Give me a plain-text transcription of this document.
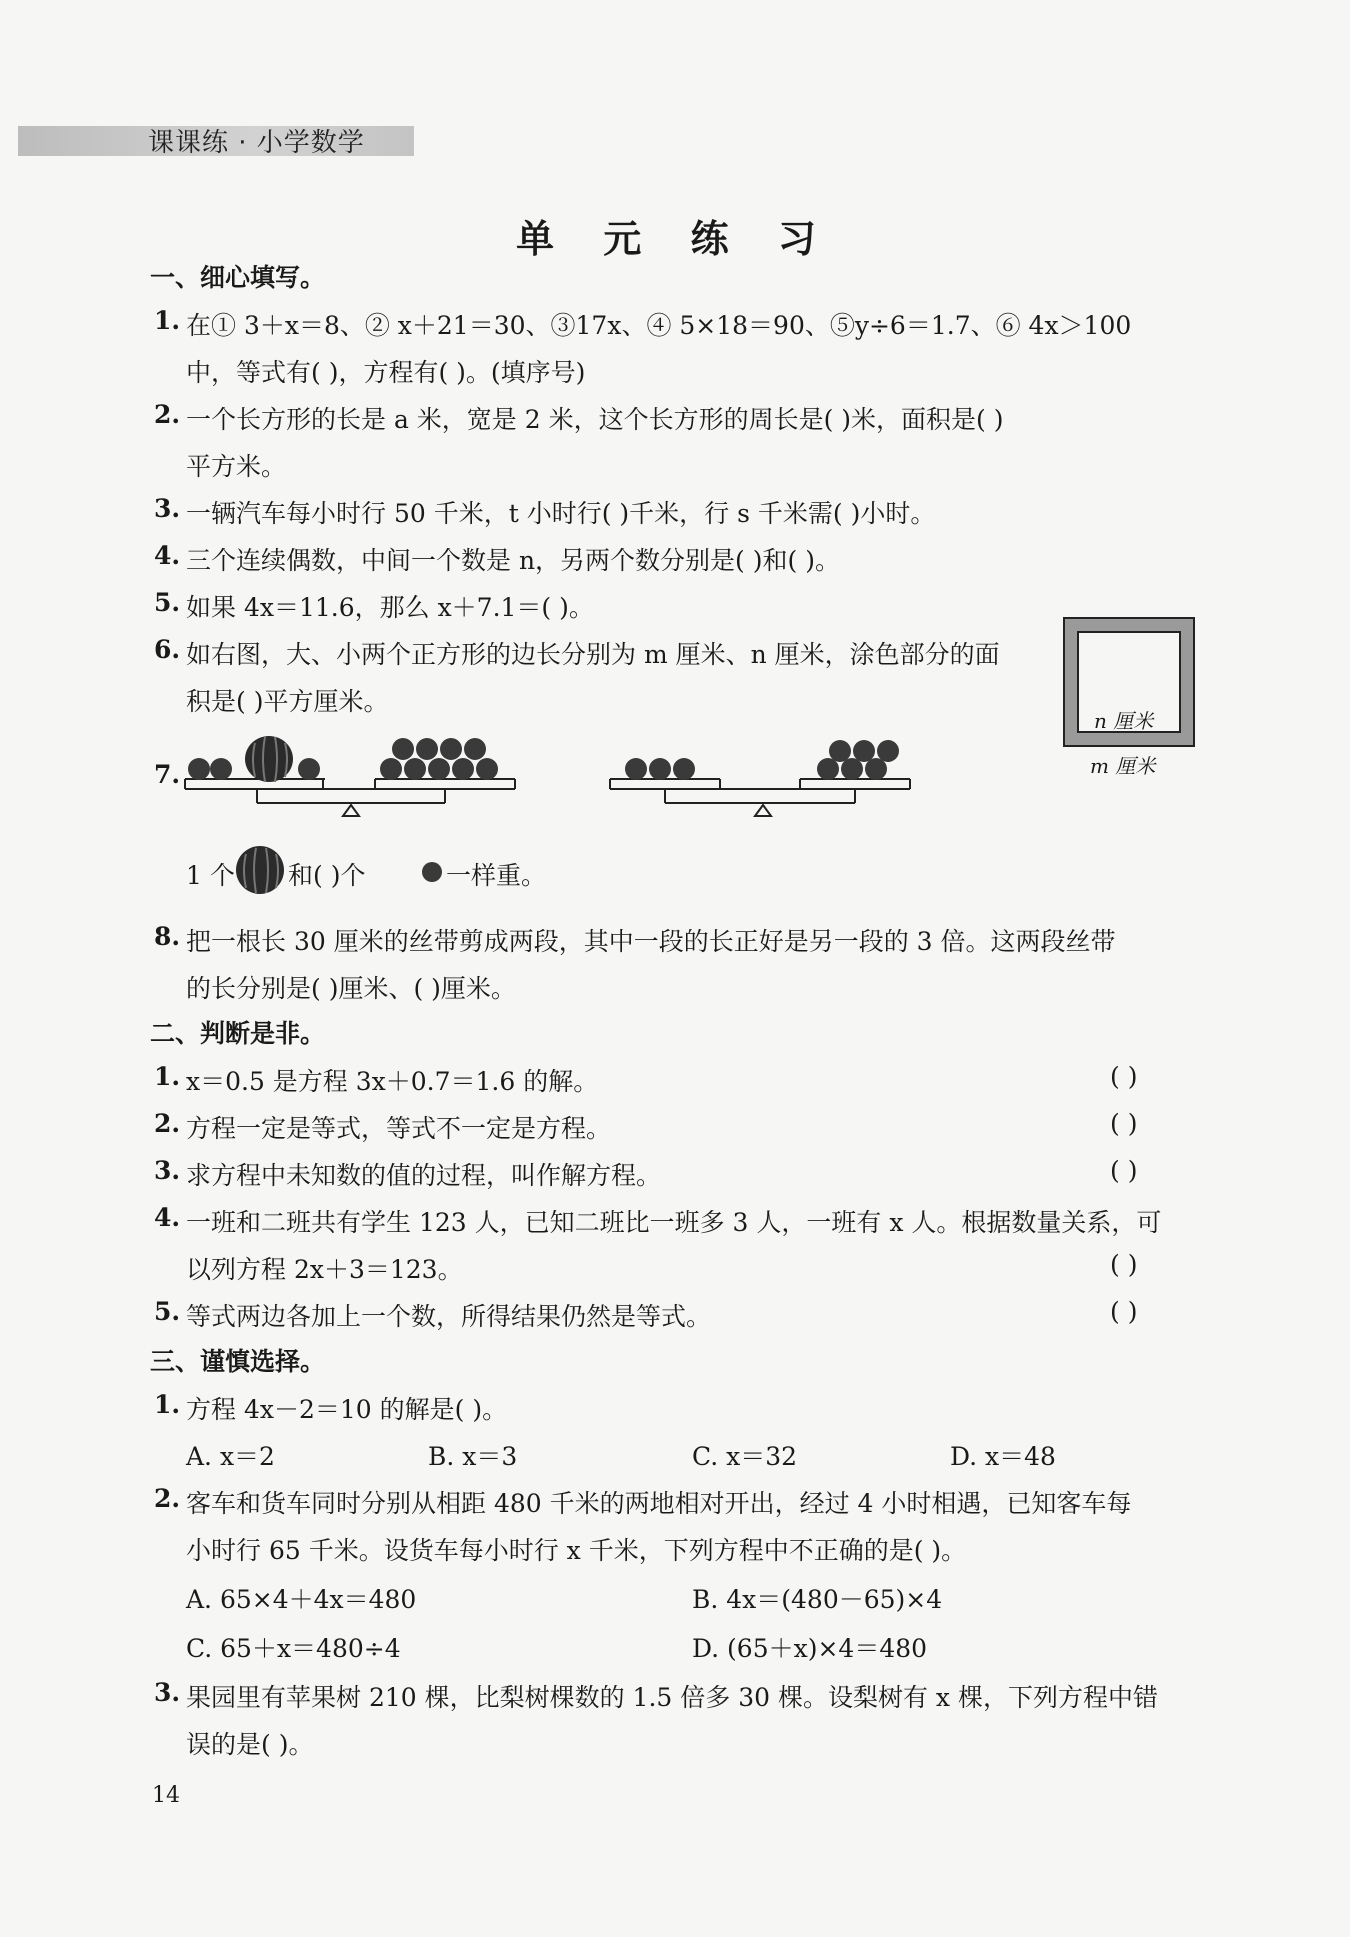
课课练 · 小学数学
单 元 练 习
一、细心填写。
1. 在① 3＋x＝8、② x＋21＝30、③17x、④ 5×18＝90、⑤y÷6＝1.7、⑥ 4x＞100
中，等式有( )，方程有( )。(填序号)
2. 一个长方形的长是 a 米，宽是 2 米，这个长方形的周长是( )米，面积是( )
平方米。
3. 一辆汽车每小时行 50 千米，t 小时行( )千米，行 s 千米需( )小时。
4. 三个连续偶数，中间一个数是 n，另两个数分别是( )和( )。
5. 如果 4x＝11.6，那么 x＋7.1＝( )。
6. 如右图，大、小两个正方形的边长分别为 m 厘米、n 厘米，涂色部分的面
积是( )平方厘米。
n 厘米
m 厘米
7.
1 个 和( )个	一样重。
8. 把一根长 30 厘米的丝带剪成两段，其中一段的长正好是另一段的 3 倍。这两段丝带
的长分别是( )厘米、( )厘米。
二、判断是非。
1. x＝0.5 是方程 3x＋0.7＝1.6 的解。	( )
2. 方程一定是等式，等式不一定是方程。	( )
3. 求方程中未知数的值的过程，叫作解方程。	( )
4. 一班和二班共有学生 123 人，已知二班比一班多 3 人，一班有 x 人。根据数量关系，可
以列方程 2x＋3＝123。	( )
5. 等式两边各加上一个数，所得结果仍然是等式。	( )
三、谨慎选择。
1. 方程 4x－2＝10 的解是( )。
A. x＝2	B. x＝3	C. x＝32	D. x＝48
2. 客车和货车同时分别从相距 480 千米的两地相对开出，经过 4 小时相遇，已知客车每
小时行 65 千米。设货车每小时行 x 千米，下列方程中不正确的是( )。
A. 65×4＋4x＝480	B. 4x＝(480－65)×4
C. 65＋x＝480÷4	D. (65＋x)×4＝480
3. 果园里有苹果树 210 棵，比梨树棵数的 1.5 倍多 30 棵。设梨树有 x 棵，下列方程中错
误的是( )。
14
